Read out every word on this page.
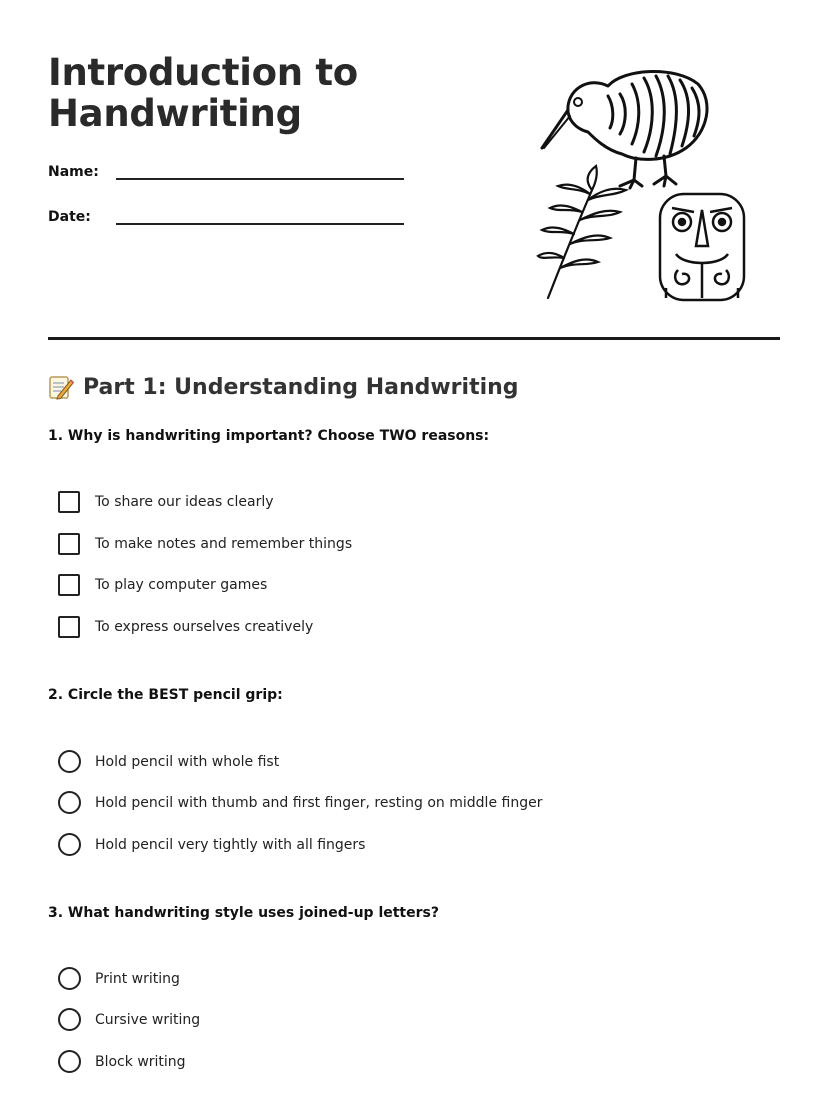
Introduction to
Handwriting
Name:
Date:
Part 1: Understanding Handwriting
1. Why is handwriting important? Choose TWO reasons:
To share our ideas clearly
To make notes and remember things
To play computer games
To express ourselves creatively
2. Circle the BEST pencil grip:
Hold pencil with whole fist
Hold pencil with thumb and first finger, resting on middle finger
Hold pencil very tightly with all fingers
3. What handwriting style uses joined-up letters?
Print writing
Cursive writing
Block writing
